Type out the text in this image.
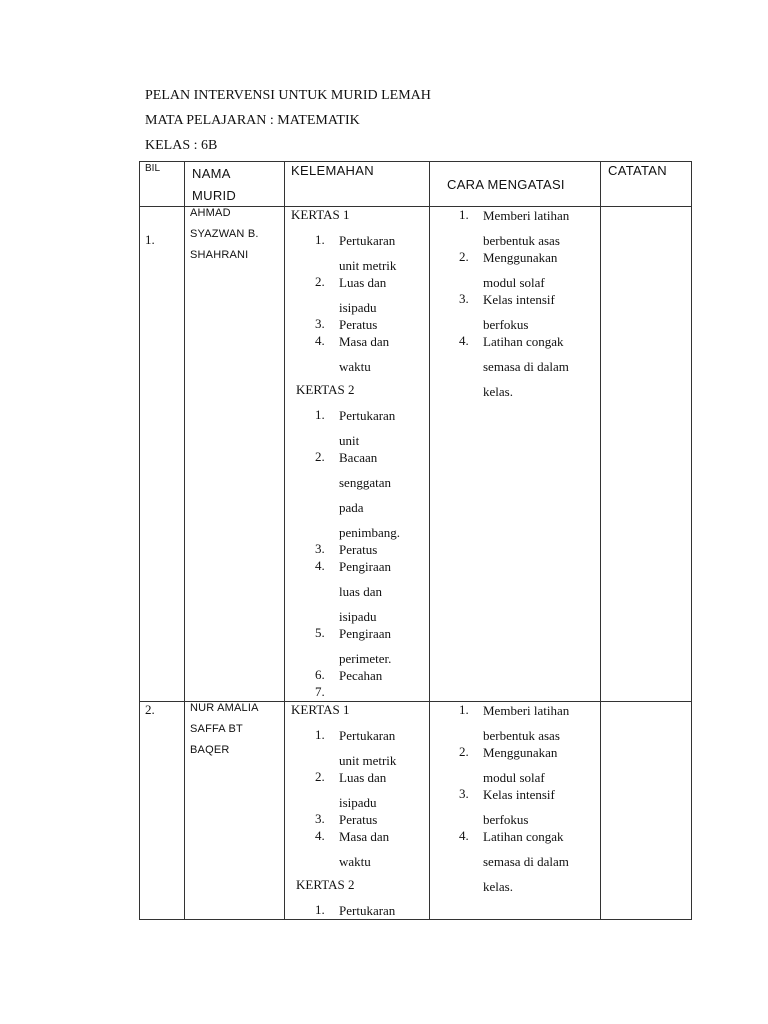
PELAN INTERVENSI UNTUK MURID LEMAH
MATA PELAJARAN : MATEMATIK
KELAS : 6B
BIL NAMA
MURID
KELEMAHAN
CARA MENGATASI
CATATAN
1.
AHMAD
SYAZWAN B.
SHAHRANI
KERTAS 1
1. Pertukaran
unit metrik
2. Luas dan
isipadu
3. Peratus
4. Masa dan
waktu
KERTAS 2
1. Pertukaran
unit
2. Bacaan
senggatan
pada
penimbang.
3. Peratus
4. Pengiraan
luas dan
isipadu
5. Pengiraan
perimeter.
6. Pecahan
7.

1. Memberi latihan
berbentuk asas
2. Menggunakan
modul solaf
3. Kelas intensif
berfokus
4. Latihan congak
semasa di dalam
kelas.
2.	NUR AMALIA
SAFFA BT
BAQER
KERTAS 1
1. Pertukaran
unit metrik
2. Luas dan
isipadu
3. Peratus
4. Masa dan
waktu
KERTAS 2
1. Pertukaran
1. Memberi latihan
berbentuk asas
2. Menggunakan
modul solaf
3. Kelas intensif
berfokus
4. Latihan congak
semasa di dalam
kelas.
